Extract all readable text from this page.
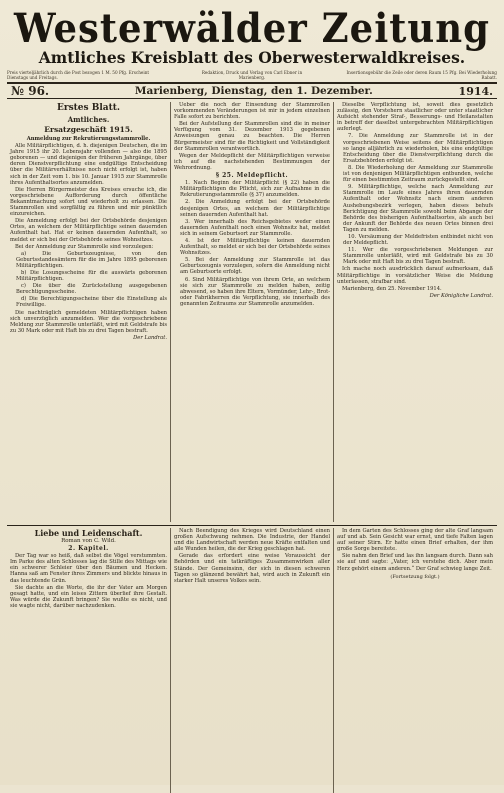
Westerwälder Zeitung
Amtliches Kreisblatt des Oberwesterwaldkreises.
Preis vierteljährlich durch die Post bezogen 1 M. 50 Pfg. Erscheint Dienstags und Freitags.
Redaktion, Druck und Verlag von Carl Ebner in Marienberg.
Insertionsgebühr die Zeile oder deren Raum 15 Pfg. Bei Wiederholung Rabatt.
№ 96.	Marienberg, Dienstag, den 1. Dezember.	1914.
Erstes Blatt.
Amtliches.
Ersatzgeschäft 1915.

Anmeldung zur Rekrutierungsstammrolle.

Alle Militärpflichtigen, d. h. diejenigen Deutschen, die im Jahre 1915 ihr 20. Lebensjahr vollenden — also die 1895 geborenen — und diejenigen der früheren Jahrgänge, über deren Dienstverpflichtung eine endgültige Entscheidung über die Militärverhältnisse noch nicht erfolgt ist, haben sich in der Zeit vom 1. bis 10. Januar 1915 zur Stammrolle ihres Aufenthaltsortes anzumelden.

Die Herren Bürgermeister des Kreises ersuche ich, die vorgeschriebene Aufforderung durch öffentliche Bekanntmachung sofort und wiederholt zu erlassen. Die Stammrollen sind sorgfältig zu führen und mir pünktlich einzureichen.

Die Anmeldung erfolgt bei der Ortsbehörde desjenigen Ortes, an welchem der Militärpflichtige seinen dauernden Aufenthalt hat. Hat er keinen dauernden Aufenthalt, so meldet er sich bei der Ortsbehörde seines Wohnsitzes.

Bei der Anmeldung zur Stammrolle sind vorzulegen:

a) Die Geburtszeugnisse, von den Geburtsstandesämtern für die im Jahre 1895 geborenen Militärpflichtigen.

b) Die Losungsscheine für die auswärts geborenen Militärpflichtigen.

c) Die über die Zurückstellung ausgegebenen Berechtigungsscheine.

d) Die Berechtigungsscheine über die Einstellung als Freiwillige.

Die nachträglich gemeldeten Militärpflichtigen haben sich unverzüglich anzumelden. Wer die vorgeschriebene Meldung zur Stammrolle unterläßt, wird mit Geldstrafe bis zu 30 Mark oder mit Haft bis zu drei Tagen bestraft.

Der Landrat.

Ueber die noch der Einsendung der Stammrollen vorkommenden Veränderungen ist mir in jedem einzelnen Falle sofort zu berichten.

Bei der Aufstellung der Stammrollen sind die in meiner Verfügung vom 31. Dezember 1913 gegebenen Anweisungen genau zu beachten. Die Herren Bürgermeister sind für die Richtigkeit und Vollständigkeit der Stammrollen verantwortlich.

Wegen der Meldepflicht der Militärpflichtigen verweise ich auf die nachstehenden Bestimmungen der Wehrordnung.

§ 25. Meldepflicht.

1. Nach Beginn der Militärpflicht (§ 22) haben die Militärpflichtigen die Pflicht, sich zur Aufnahme in die Rekrutierungsstammrolle (§ 37) anzumelden.

2. Die Anmeldung erfolgt bei der Ortsbehörde desjenigen Ortes, an welchem der Militärpflichtige seinen dauernden Aufenthalt hat.

3. Wer innerhalb des Reichsgebietes weder einen dauernden Aufenthalt noch einen Wohnsitz hat, meldet sich in seinem Geburtsort zur Stammrolle.

4. Ist der Militärpflichtige keinen dauernden Aufenthalt, so meldet er sich bei der Ortsbehörde seines Wohnsitzes.

5. Bei der Anmeldung zur Stammrolle ist das Geburtszeugnis vorzulegen, sofern die Anmeldung nicht am Geburtsorte erfolgt.

6. Sind Militärpflichtige von ihrem Orte, an welchem sie sich zur Stammrolle zu melden haben, zeitig abwesend, so haben ihre Eltern, Vormünder, Lehr-, Brot- oder Fabrikherren die Verpflichtung, sie innerhalb des genannten Zeitraums zur Stammrolle anzumelden.

Dieselbe Verpflichtung ist, soweit dies gesetzlich zulässig, den Vorstehern staatlicher oder unter staatlicher Aufsicht stehender Straf-, Besserungs- und Heilanstalten in betreff der daselbst untergebrachten Militärpflichtigen auferlegt.

7. Die Anmeldung zur Stammrolle ist in der vorgeschriebenen Weise seitens der Militärpflichtigen so lange alljährlich zu wiederholen, bis eine endgültige Entscheidung über die Dienstverpflichtung durch die Ersatzbehörden erfolgt ist.

8. Die Wiederholung der Anmeldung zur Stammrolle ist von denjenigen Militärpflichtigen entbunden, welche für einen bestimmten Zeitraum zurückgestellt sind.

9. Militärpflichtige, welche nach Anmeldung zur Stammrolle im Laufe eines Jahres ihren dauernden Aufenthalt oder Wohnsitz nach einem anderen Aushebungsbezirk verlegen, haben dieses behufs Berichtigung der Stammrolle sowohl beim Abgange der Behörde des bisherigen Aufenthaltsortes, als auch bei der Ankunft der Behörde des neuen Ortes binnen drei Tagen zu melden.

10. Versäumung der Meldefristen entbindet nicht von der Meldepflicht.

11. Wer die vorgeschriebenen Meldungen zur Stammrolle unterläßt, wird mit Geldstrafe bis zu 30 Mark oder mit Haft bis zu drei Tagen bestraft.

Ich mache noch ausdrücklich darauf aufmerksam, daß Militärpflichtige in vorsätzlicher Weise die Meldung unterlassen, strafbar sind.

Marienberg, den 25. November 1914.

Der Königliche Landrat.
Liebe und Leidenschaft.
Roman von C. Wild.
2. Kapitel.

Der Tag war so heiß, daß selbst die Vögel verstummten. Im Parke des alten Schlosses lag die Stille des Mittags wie ein schwerer Schleier über den Bäumen und Hecken. Hanna saß am Fenster ihres Zimmers und blickte hinaus in das leuchtende Grün.

Sie dachte an die Worte, die ihr der Vater am Morgen gesagt hatte, und ein leises Zittern überlief ihre Gestalt. Was würde die Zukunft bringen? Sie wußte es nicht, und sie wagte nicht, darüber nachzudenken.

Nach Beendigung des Krieges wird Deutschland einen großen Aufschwung nehmen. Die Industrie, der Handel und die Landwirtschaft werden neue Kräfte entfalten und alle Wunden heilen, die der Krieg geschlagen hat.

Gerade das erfordert eine weise Voraussicht der Behörden und ein tatkräftiges Zusammenwirken aller Stände. Der Gemeinsinn, der sich in diesen schweren Tagen so glänzend bewährt hat, wird auch in Zukunft ein starker Halt unseres Volkes sein.

In dem Garten des Schlosses ging der alte Graf langsam auf und ab. Sein Gesicht war ernst, und tiefe Falten lagen auf seiner Stirn. Er hatte einen Brief erhalten, der ihm große Sorge bereitete.

Sie nahm den Brief und las ihn langsam durch. Dann sah sie auf und sagte: „Vater, ich verstehe dich. Aber mein Herz gehört einem anderen.“ Der Graf schwieg lange Zeit.

(Fortsetzung folgt.)
